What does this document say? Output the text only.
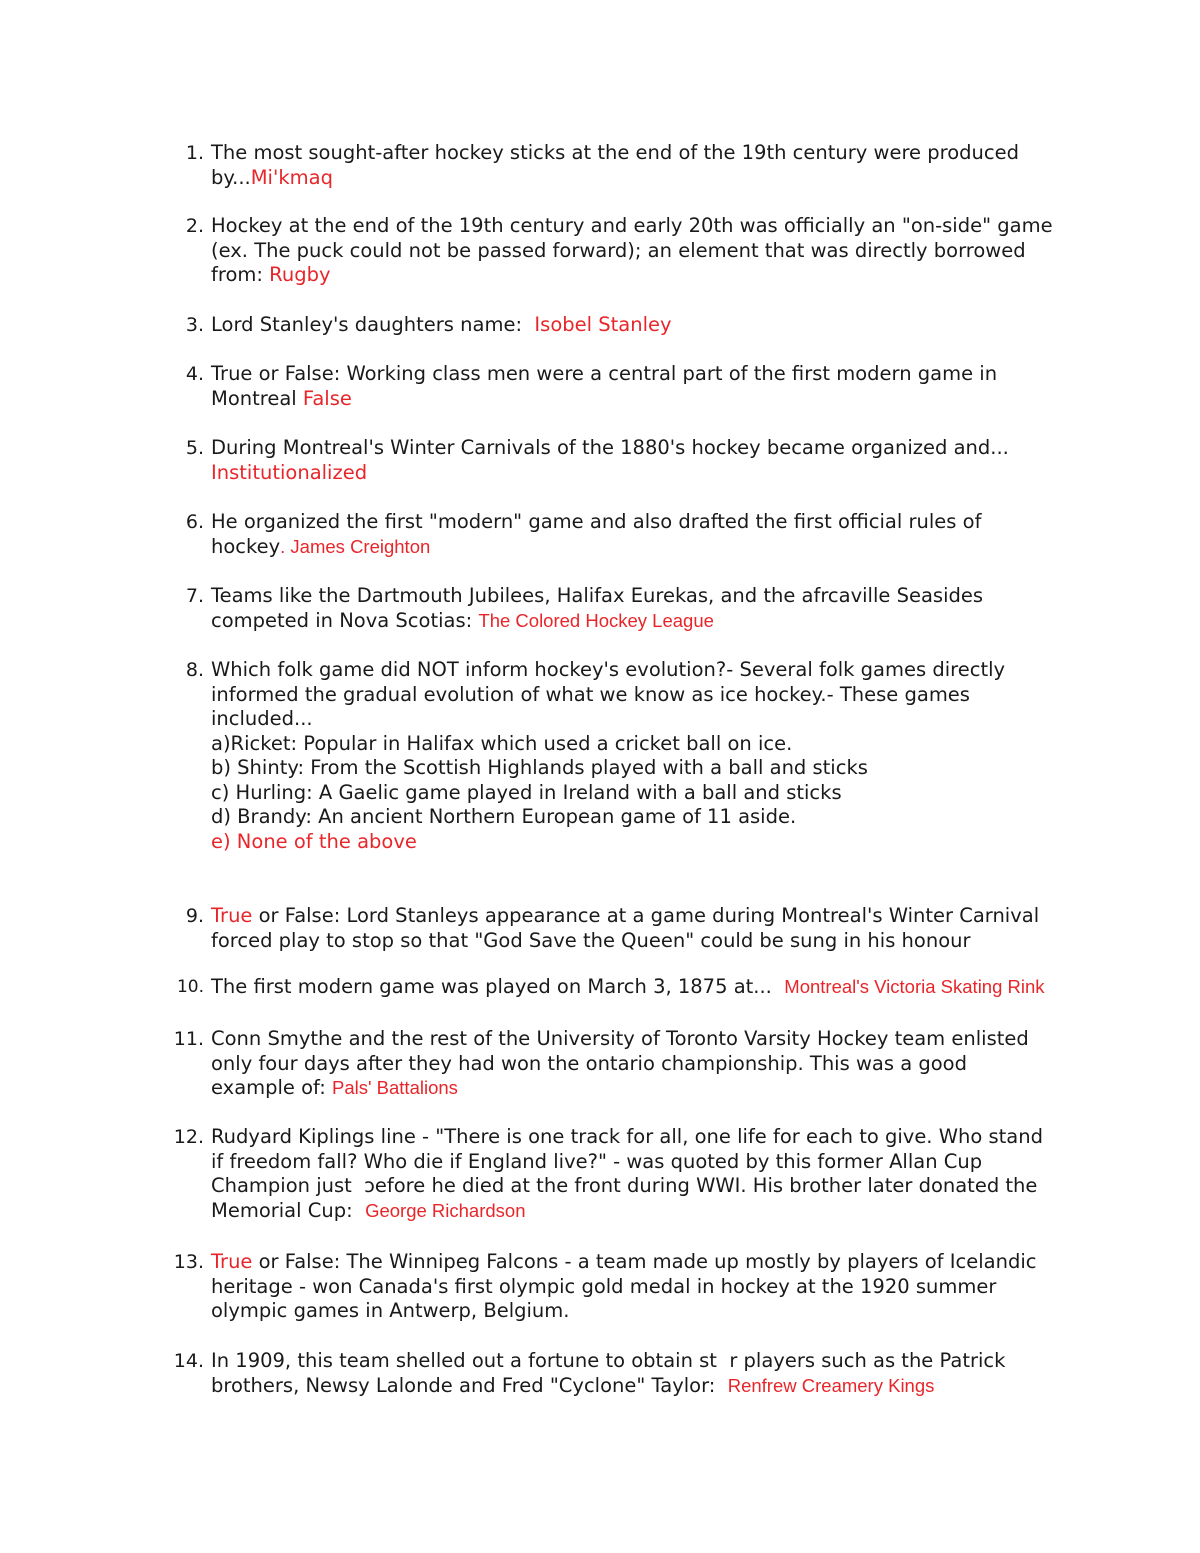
1. The most sought-after hockey sticks at the end of the 19th century were produced
by...Mi'kmaq
2. Hockey at the end of the 19th century and early 20th was officially an "on-side" game
(ex. The puck could not be passed forward); an element that was directly borrowed
from: Rugby
3. Lord Stanley's daughters name:  Isobel Stanley
4. True or False: Working class men were a central part of the first modern game in
Montreal False
5. During Montreal's Winter Carnivals of the 1880's hockey became organized and...
Institutionalized
6. He organized the first "modern" game and also drafted the first official rules of
hockey. James Creighton
7. Teams like the Dartmouth Jubilees, Halifax Eurekas, and the afrcaville Seasides
competed in Nova Scotias: The Colored Hockey League
8. Which folk game did NOT inform hockey's evolution?- Several folk games directly
informed the gradual evolution of what we know as ice hockey.- These games
included...
a)Ricket: Popular in Halifax which used a cricket ball on ice.
b) Shinty: From the Scottish Highlands played with a ball and sticks
c) Hurling: A Gaelic game played in Ireland with a ball and sticks
d) Brandy: An ancient Northern European game of 11 aside.
e) None of the above
9. True or False: Lord Stanleys appearance at a game during Montreal's Winter Carnival
forced play to stop so that "God Save the Queen" could be sung in his honour
10. The first modern game was played on March 3, 1875 at...  Montreal's Victoria Skating Rink
11. Conn Smythe and the rest of the University of Toronto Varsity Hockey team enlisted
only four days after they had won the ontario championship. This was a good
example of: Pals' Battalions
12. Rudyard Kiplings line - "There is one track for all, one life for each to give. Who stand
if freedom fall? Who die if England live?" - was quoted by this former Allan Cup
Champion just  ɔefore he died at the front during WWI. His brother later donated the
Memorial Cup:  George Richardson
13. True or False: The Winnipeg Falcons - a team made up mostly by players of Icelandic
heritage - won Canada's first olympic gold medal in hockey at the 1920 summer
olympic games in Antwerp, Belgium.
14. In 1909, this team shelled out a fortune to obtain st  r players such as the Patrick
brothers, Newsy Lalonde and Fred "Cyclone" Taylor:  Renfrew Creamery Kings
